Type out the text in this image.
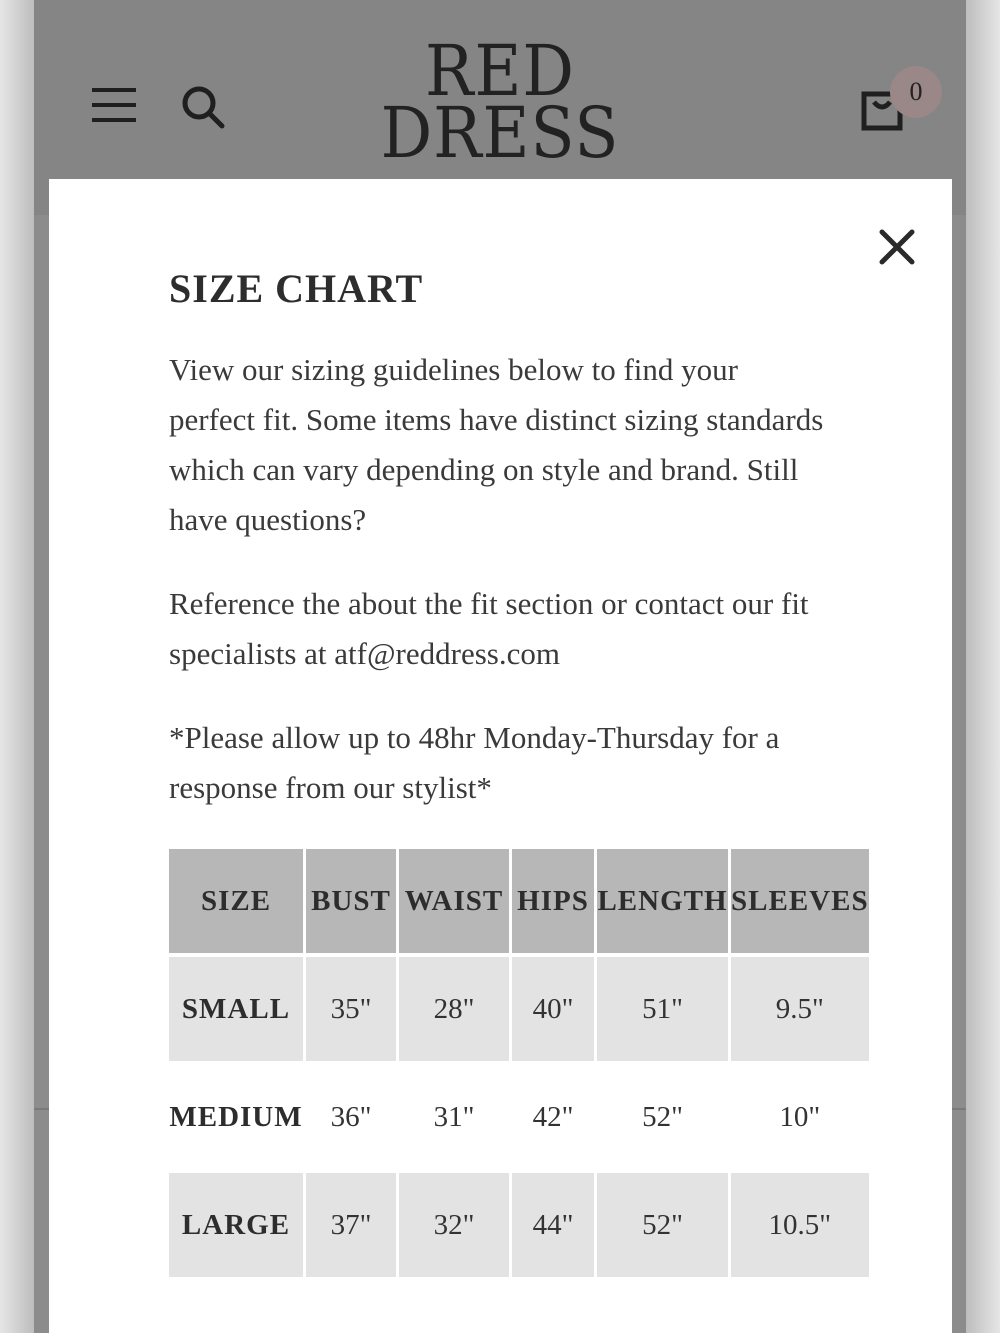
RED
DRESS
0
SIZE CHART

View our sizing guidelines below to find your perfect fit. Some items have distinct sizing standards which can vary depending on style and brand. Still have questions?

Reference the about the fit section or contact our fit specialists at atf@reddress.com

*Please allow up to 48hr Monday-Thursday for a response from our stylist*

SIZE	BUST	WAIST	HIPS	LENGTH	SLEEVES

SMALL	35"	28"	40"	51"	9.5"

MEDIUM	36"	31"	42"	52"	10"

LARGE	37"	32"	44"	52"	10.5"
